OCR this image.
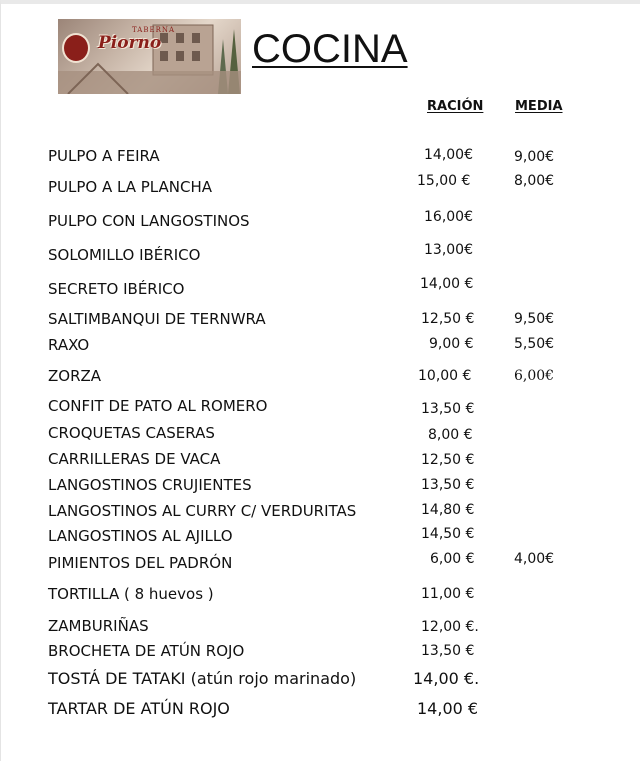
TABERNA
Piorno COCINA
RACIÓN MEDIA
PULPO A FEIRA	14,00€	9,00€
PULPO A LA PLANCHA	15,00 €	8,00€
PULPO CON LANGOSTINOS	16,00€
SOLOMILLO IBÉRICO	13,00€
SECRETO IBÉRICO	14,00 €
SALTIMBANQUI DE TERNWRA	12,50 €	9,50€
RAXO	9,00 €	5,50€
ZORZA	10,00 €	6,00€
CONFIT DE PATO AL ROMERO	13,50 €
CROQUETAS CASERAS	8,00 €
CARRILLERAS DE VACA	12,50 €
LANGOSTINOS CRUJIENTES	13,50 €
LANGOSTINOS AL CURRY C/ VERDURITAS	14,80 €
LANGOSTINOS AL AJILLO	14,50 €
PIMIENTOS DEL PADRÓN	6,00 €	4,00€
TORTILLA ( 8 huevos )	11,00 €
ZAMBURIÑAS	12,00 €.
BROCHETA DE ATÚN ROJO	13,50 €
TOSTÁ DE TATAKI (atún rojo marinado)	14,00 €.
TARTAR DE ATÚN ROJO	14,00 €
